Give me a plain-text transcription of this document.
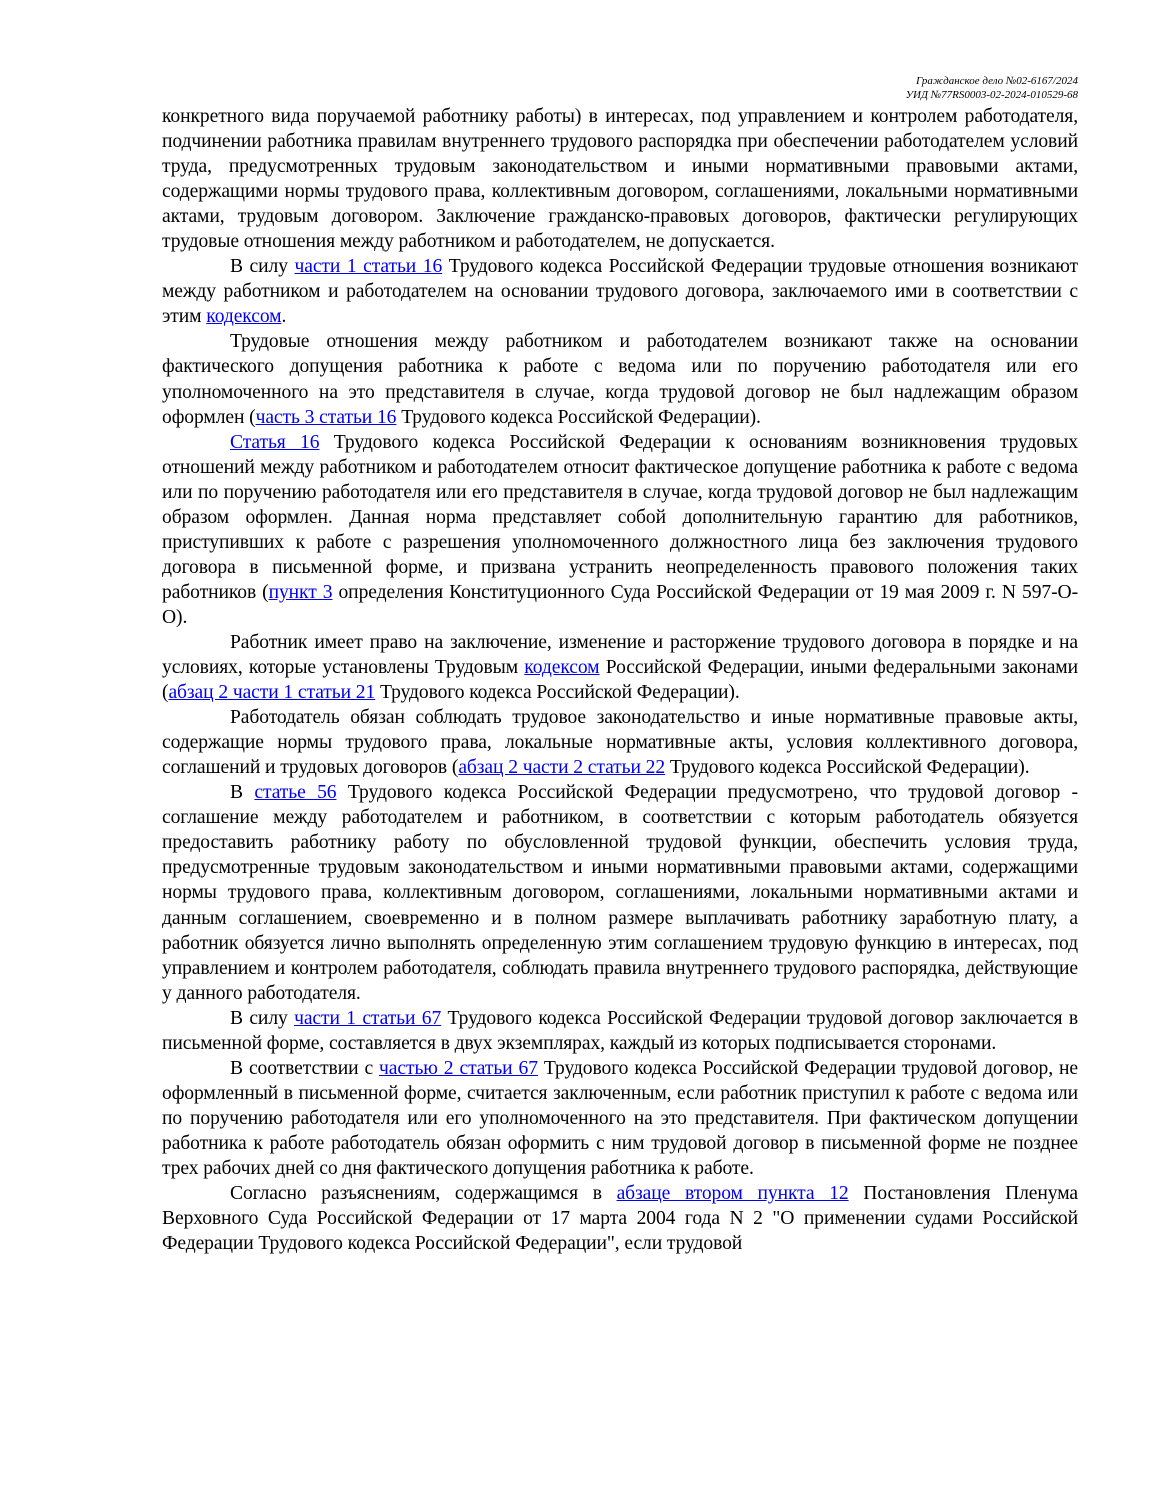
Гражданское дело №02-6167/2024
УИД №77RS0003-02-2024-010529-68

конкретного вида поручаемой работнику работы) в интересах, под управлением и контролем работодателя, подчинении работника правилам внутреннего трудового распорядка при обеспечении работодателем условий труда, предусмотренных трудовым законодательством и иными нормативными правовыми актами, содержащими нормы трудового права, коллективным договором, соглашениями, локальными нормативными актами, трудовым договором. Заключение гражданско-правовых договоров, фактически регулирующих трудовые отношения между работником и работодателем, не допускается.

В силу части 1 статьи 16 Трудового кодекса Российской Федерации трудовые отношения возникают между работником и работодателем на основании трудового договора, заключаемого ими в соответствии с этим кодексом.

Трудовые отношения между работником и работодателем возникают также на основании фактического допущения работника к работе с ведома или по поручению работодателя или его уполномоченного на это представителя в случае, когда трудовой договор не был надлежащим образом оформлен (часть 3 статьи 16 Трудового кодекса Российской Федерации).

Статья 16 Трудового кодекса Российской Федерации к основаниям возникновения трудовых отношений между работником и работодателем относит фактическое допущение работника к работе с ведома или по поручению работодателя или его представителя в случае, когда трудовой договор не был надлежащим образом оформлен. Данная норма представляет собой дополнительную гарантию для работников, приступивших к работе с разрешения уполномоченного должностного лица без заключения трудового договора в письменной форме, и призвана устранить неопределенность правового положения таких работников (пункт 3 определения Конституционного Суда Российской Федерации от 19 мая 2009 г. N 597-О-О).

Работник имеет право на заключение, изменение и расторжение трудового договора в порядке и на условиях, которые установлены Трудовым кодексом Российской Федерации, иными федеральными законами (абзац 2 части 1 статьи 21 Трудового кодекса Российской Федерации).

Работодатель обязан соблюдать трудовое законодательство и иные нормативные правовые акты, содержащие нормы трудового права, локальные нормативные акты, условия коллективного договора, соглашений и трудовых договоров (абзац 2 части 2 статьи 22 Трудового кодекса Российской Федерации).

В статье 56 Трудового кодекса Российской Федерации предусмотрено, что трудовой договор - соглашение между работодателем и работником, в соответствии с которым работодатель обязуется предоставить работнику работу по обусловленной трудовой функции, обеспечить условия труда, предусмотренные трудовым законодательством и иными нормативными правовыми актами, содержащими нормы трудового права, коллективным договором, соглашениями, локальными нормативными актами и данным соглашением, своевременно и в полном размере выплачивать работнику заработную плату, а работник обязуется лично выполнять определенную этим соглашением трудовую функцию в интересах, под управлением и контролем работодателя, соблюдать правила внутреннего трудового распорядка, действующие у данного работодателя.

В силу части 1 статьи 67 Трудового кодекса Российской Федерации трудовой договор заключается в письменной форме, составляется в двух экземплярах, каждый из которых подписывается сторонами.

В соответствии с частью 2 статьи 67 Трудового кодекса Российской Федерации трудовой договор, не оформленный в письменной форме, считается заключенным, если работник приступил к работе с ведома или по поручению работодателя или его уполномоченного на это представителя. При фактическом допущении работника к работе работодатель обязан оформить с ним трудовой договор в письменной форме не позднее трех рабочих дней со дня фактического допущения работника к работе.

Согласно разъяснениям, содержащимся в абзаце втором пункта 12 Постановления Пленума Верховного Суда Российской Федерации от 17 марта 2004 года N 2 "О применении судами Российской Федерации Трудового кодекса Российской Федерации", если трудовой
